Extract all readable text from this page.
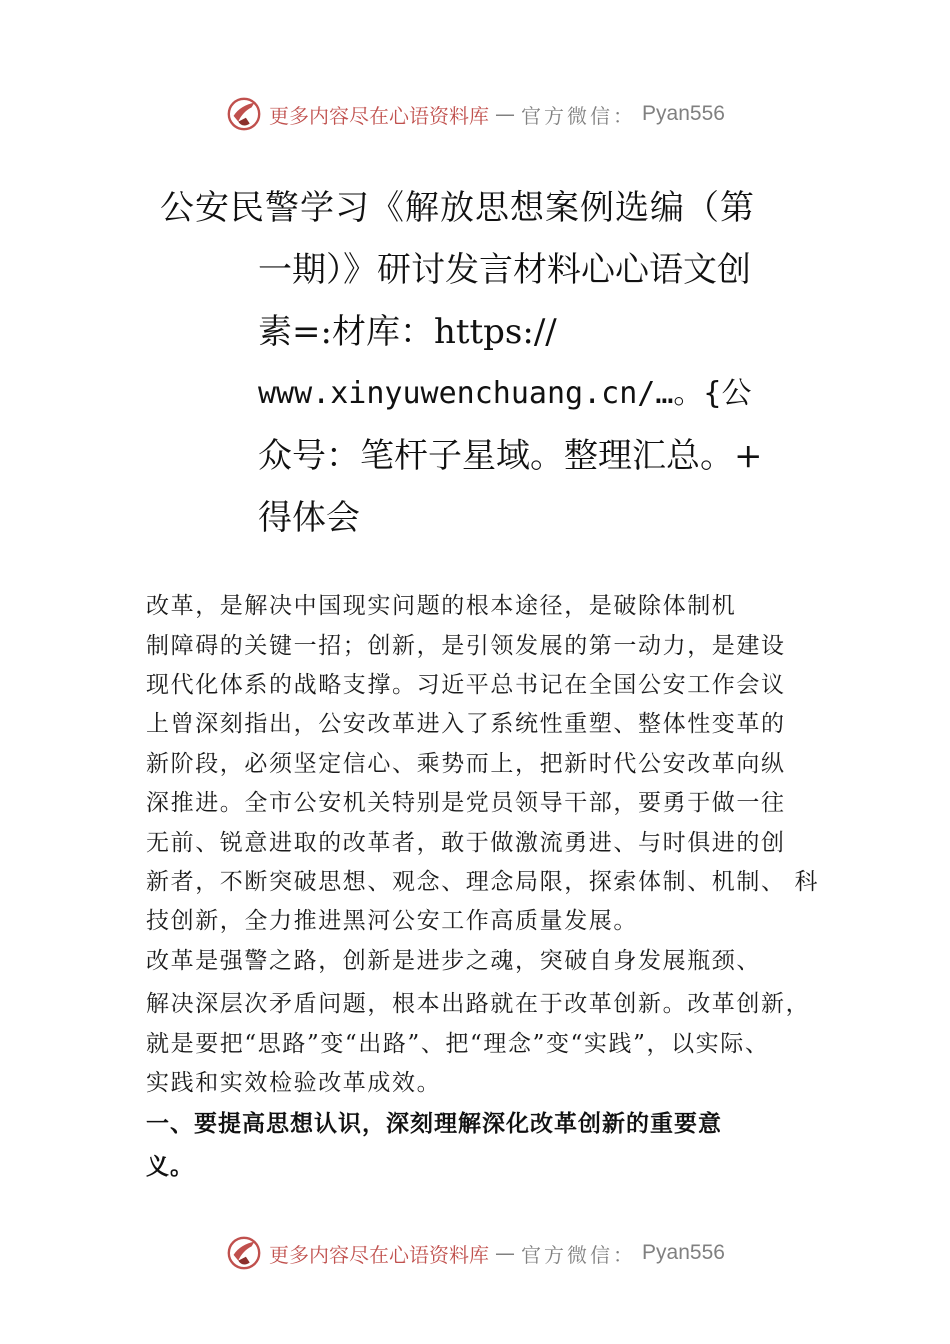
更多内容尽在心语资料库 — 官方微信： Pyan556

公安民警学习《解放思想案例选编（第

一期）》研讨发言材料心心语文创

素=:材库：https://

www.xinyuwenchuang.cn/…。{公

众号：笔杆子星域。整理汇总。+

得体会

改革，是解决中国现实问题的根本途径，是破除体制机

制障碍的关键一招；创新，是引领发展的第一动力，是建设

现代化体系的战略支撑。习近平总书记在全国公安工作会议

上曾深刻指出，公安改革进入了系统性重塑、整体性变革的

新阶段，必须坚定信心、乘势而上，把新时代公安改革向纵

深推进。全市公安机关特别是党员领导干部，要勇于做一往

无前、锐意进取的改革者，敢于做激流勇进、与时俱进的创

新者，不断突破思想、观念、理念局限，探索体制、机制、 科

技创新，全力推进黑河公安工作高质量发展。

改革是强警之路，创新是进步之魂，突破自身发展瓶颈、

解决深层次矛盾问题，根本出路就在于改革创新。改革创新，

就是要把“思路”变“出路”、把“理念”变“实践”，以实际、

实践和实效检验改革成效。

一、要提高思想认识，深刻理解深化改革创新的重要意

义。

更多内容尽在心语资料库 — 官方微信： Pyan556
